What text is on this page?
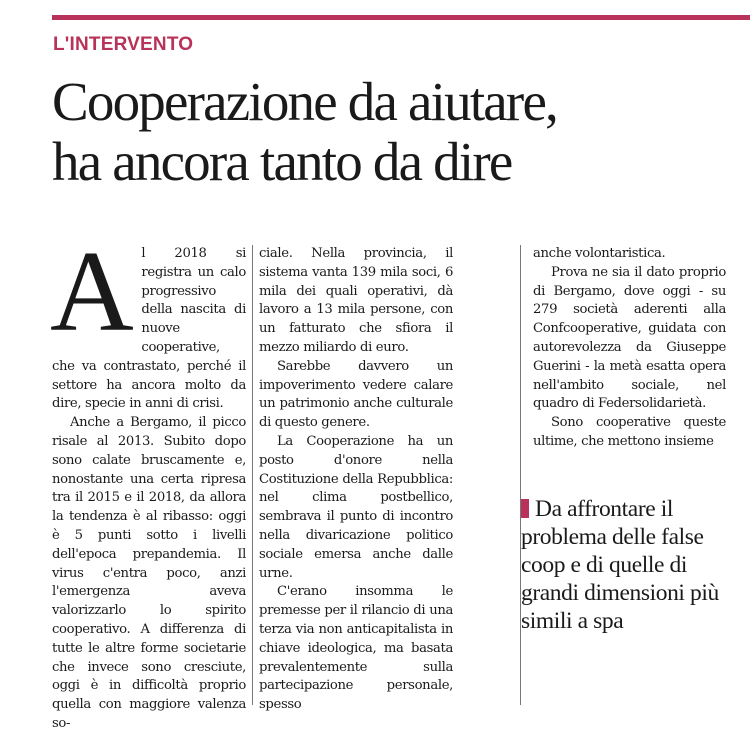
L'INTERVENTO
Cooperazione da aiutare,
ha ancora tanto da dire

Al 2018 si registra un calo progressivo della nascita di nuove cooperative, che va contrastato, perché il settore ha ancora molto da dire, specie in anni di crisi.

Anche a Bergamo, il picco risale al 2013. Subito dopo sono calate bruscamente e, nonostante una certa ripresa tra il 2015 e il 2018, da allora la tendenza è al ribasso: oggi è 5 punti sotto i livelli dell'epoca prepandemia. Il virus c'entra poco, anzi l'emergenza aveva valorizzarlo lo spirito cooperativo. A differenza di tutte le altre forme societarie che invece sono cresciute, oggi è in difficoltà proprio quella con maggiore valenza so-

ciale. Nella provincia, il sistema vanta 139 mila soci, 6 mila dei quali operativi, dà lavoro a 13 mila persone, con un fatturato che sfiora il mezzo miliardo di euro.

Sarebbe davvero un impoverimento vedere calare un patrimonio anche culturale di questo genere.

La Cooperazione ha un posto d'onore nella Costituzione della Repubblica: nel clima postbellico, sembrava il punto di incontro nella divaricazione politico sociale emersa anche dalle urne.

C'erano insomma le premesse per il rilancio di una terza via non anticapitalista in chiave ideologica, ma basata prevalentemente sulla partecipazione personale, spesso

anche volontaristica.

Prova ne sia il dato proprio di Bergamo, dove oggi - su 279 società aderenti alla Confcooperative, guidata con autorevolezza da Giuseppe Guerini - la metà esatta opera nell'ambito sociale, nel quadro di Federsolidarietà.

Sono cooperative queste ultime, che mettono insieme

Da affrontare il problema delle false coop e di quelle di grandi dimensioni più simili a spa
